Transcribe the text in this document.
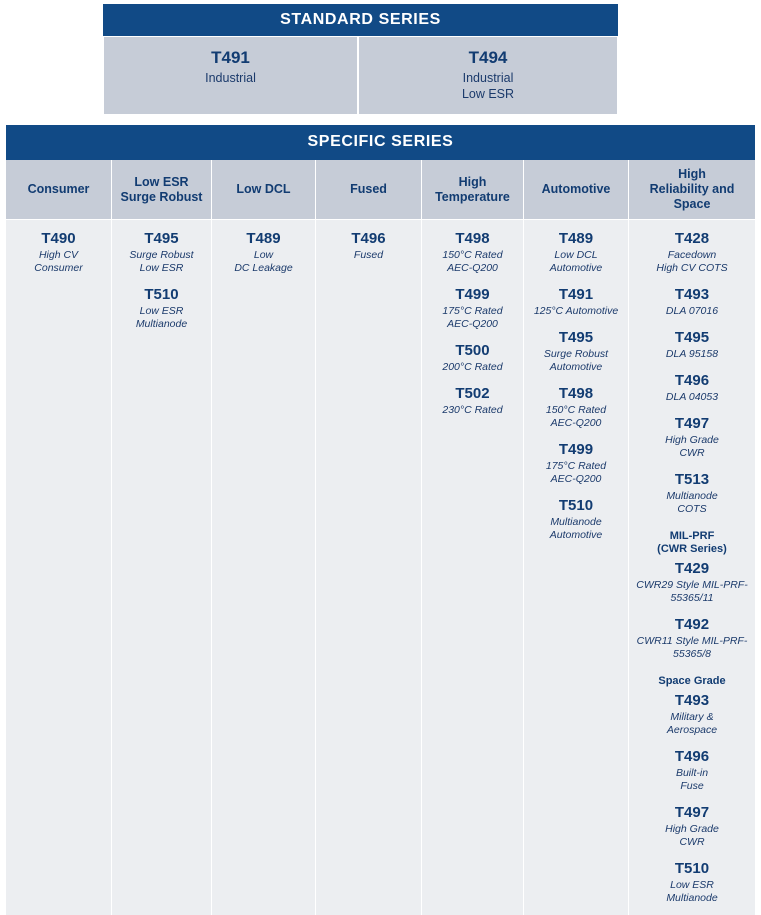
STANDARD SERIES
T491
Industrial
T494
Industrial
Low ESR
SPECIFIC SERIES
Consumer
T490
High CV
Consumer
Low ESR
Surge Robust
T495
Surge Robust
Low ESR
T510
Low ESR
Multianode
Low DCL
T489
Low
DC Leakage
Fused
T496
Fused
High
Temperature
T498
150°C Rated
AEC-Q200
T499
175°C Rated
AEC-Q200
T500
200°C Rated
T502
230°C Rated
Automotive
T489
Low DCL
Automotive
T491
125°C Automotive
T495
Surge Robust
Automotive
T498
150°C Rated
AEC-Q200
T499
175°C Rated
AEC-Q200
T510
Multianode
Automotive
High
Reliability and
Space
T428
Facedown
High CV COTS
T493
DLA 07016
T495
DLA 95158
T496
DLA 04053
T497
High Grade
CWR
T513
Multianode
COTS
MIL-PRF
(CWR Series)
T429
CWR29 Style MIL-PRF-55365/11
T492
CWR11 Style MIL-PRF-55365/8
Space Grade
T493
Military &
Aerospace
T496
Built-in
Fuse
T497
High Grade
CWR
T510
Low ESR
Multianode
